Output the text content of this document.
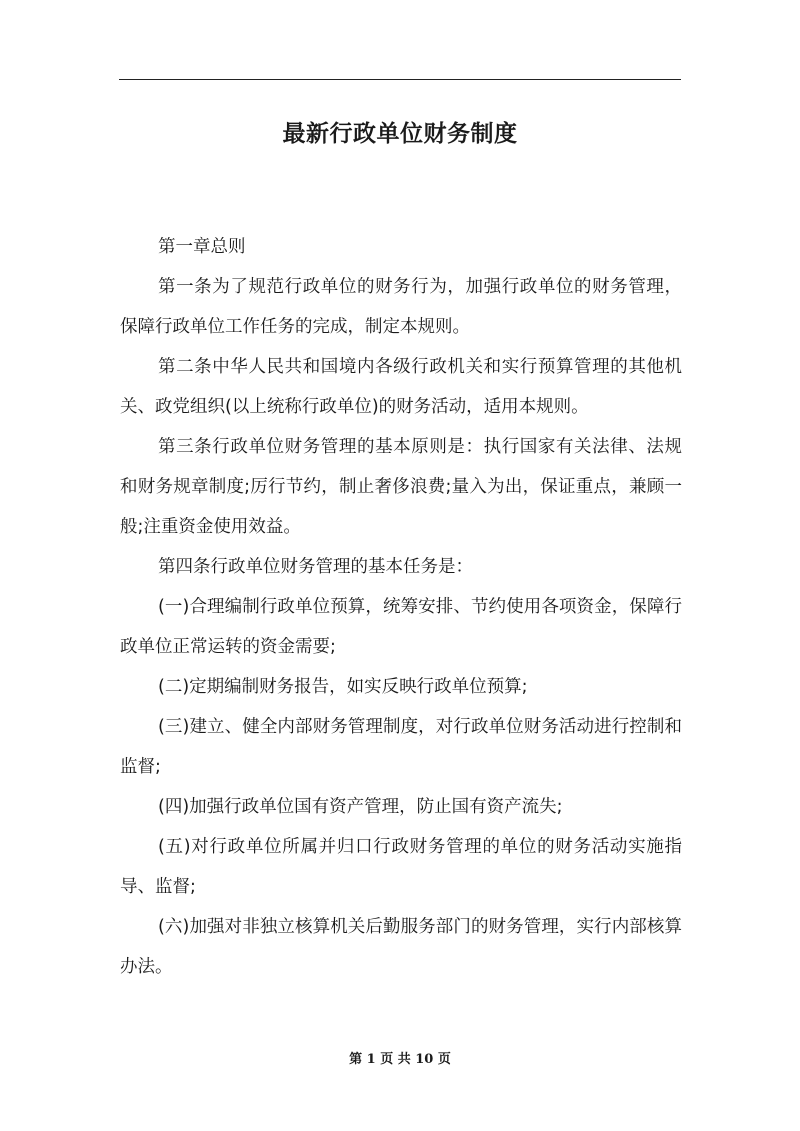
最新行政单位财务制度

第一章总则

第一条为了规范行政单位的财务行为，加强行政单位的财务管理，保障行政单位工作任务的完成，制定本规则。

第二条中华人民共和国境内各级行政机关和实行预算管理的其他机关、政党组织(以上统称行政单位)的财务活动，适用本规则。

第三条行政单位财务管理的基本原则是：执行国家有关法律、法规和财务规章制度;厉行节约，制止奢侈浪费;量入为出，保证重点，兼顾一般;注重资金使用效益。

第四条行政单位财务管理的基本任务是：

(一)合理编制行政单位预算，统筹安排、节约使用各项资金，保障行政单位正常运转的资金需要;

(二)定期编制财务报告，如实反映行政单位预算;

(三)建立、健全内部财务管理制度，对行政单位财务活动进行控制和监督;

(四)加强行政单位国有资产管理，防止国有资产流失;

(五)对行政单位所属并归口行政财务管理的单位的财务活动实施指导、监督;

(六)加强对非独立核算机关后勤服务部门的财务管理，实行内部核算办法。

第 1 页 共 10 页
